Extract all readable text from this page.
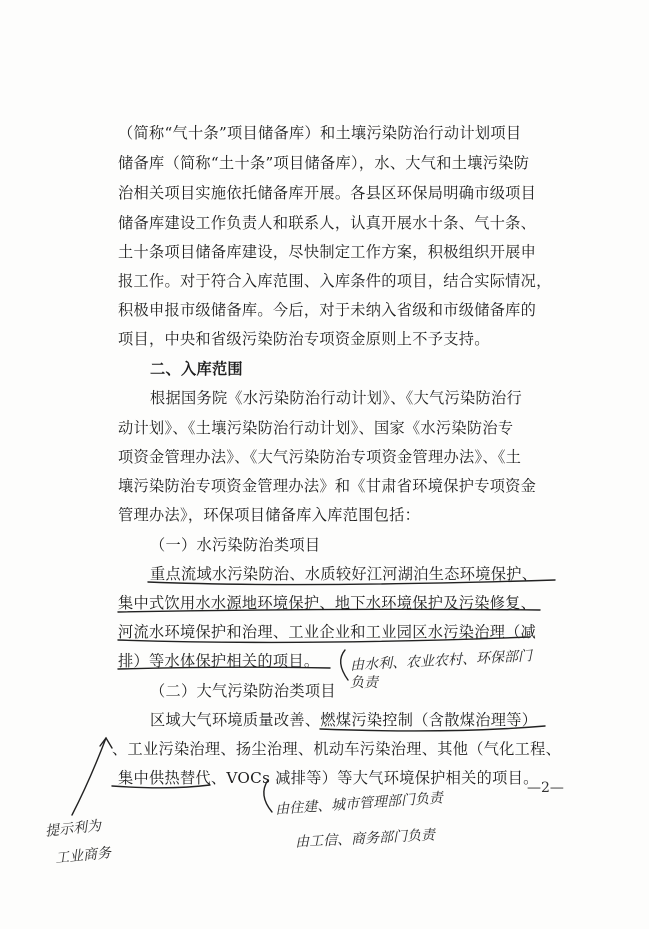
（简称“气十条”项目储备库）和土壤污染防治行动计划项目

储备库（简称“土十条”项目储备库），水、大气和土壤污染防

治相关项目实施依托储备库开展。各县区环保局明确市级项目

储备库建设工作负责人和联系人，认真开展水十条、气十条、

土十条项目储备库建设，尽快制定工作方案，积极组织开展申

报工作。对于符合入库范围、入库条件的项目，结合实际情况，

积极申报市级储备库。今后，对于未纳入省级和市级储备库的

项目，中央和省级污染防治专项资金原则上不予支持。

二、入库范围

根据国务院《水污染防治行动计划》、《大气污染防治行

动计划》、《土壤污染防治行动计划》、国家《水污染防治专

项资金管理办法》、《大气污染防治专项资金管理办法》、《土

壤污染防治专项资金管理办法》和《甘肃省环境保护专项资金

管理办法》，环保项目储备库入库范围包括：

（一）水污染防治类项目

重点流域水污染防治、水质较好江河湖泊生态环境保护、

集中式饮用水水源地环境保护、地下水环境保护及污染修复、

河流水环境保护和治理、工业企业和工业园区水污染治理（减

排）等水体保护相关的项目。

（二）大气污染防治类项目

区域大气环境质量改善、燃煤污染控制（含散煤治理等）

、工业污染治理、扬尘治理、机动车污染治理、其他（气化工程、

集中供热替代、VOCs 减排等）等大气环境保护相关的项目。

由水利、农业农村、环保部门

负责

由住建、城市管理部门负责

由工信、商务部门负责

提示利为

工业商务

—2—
